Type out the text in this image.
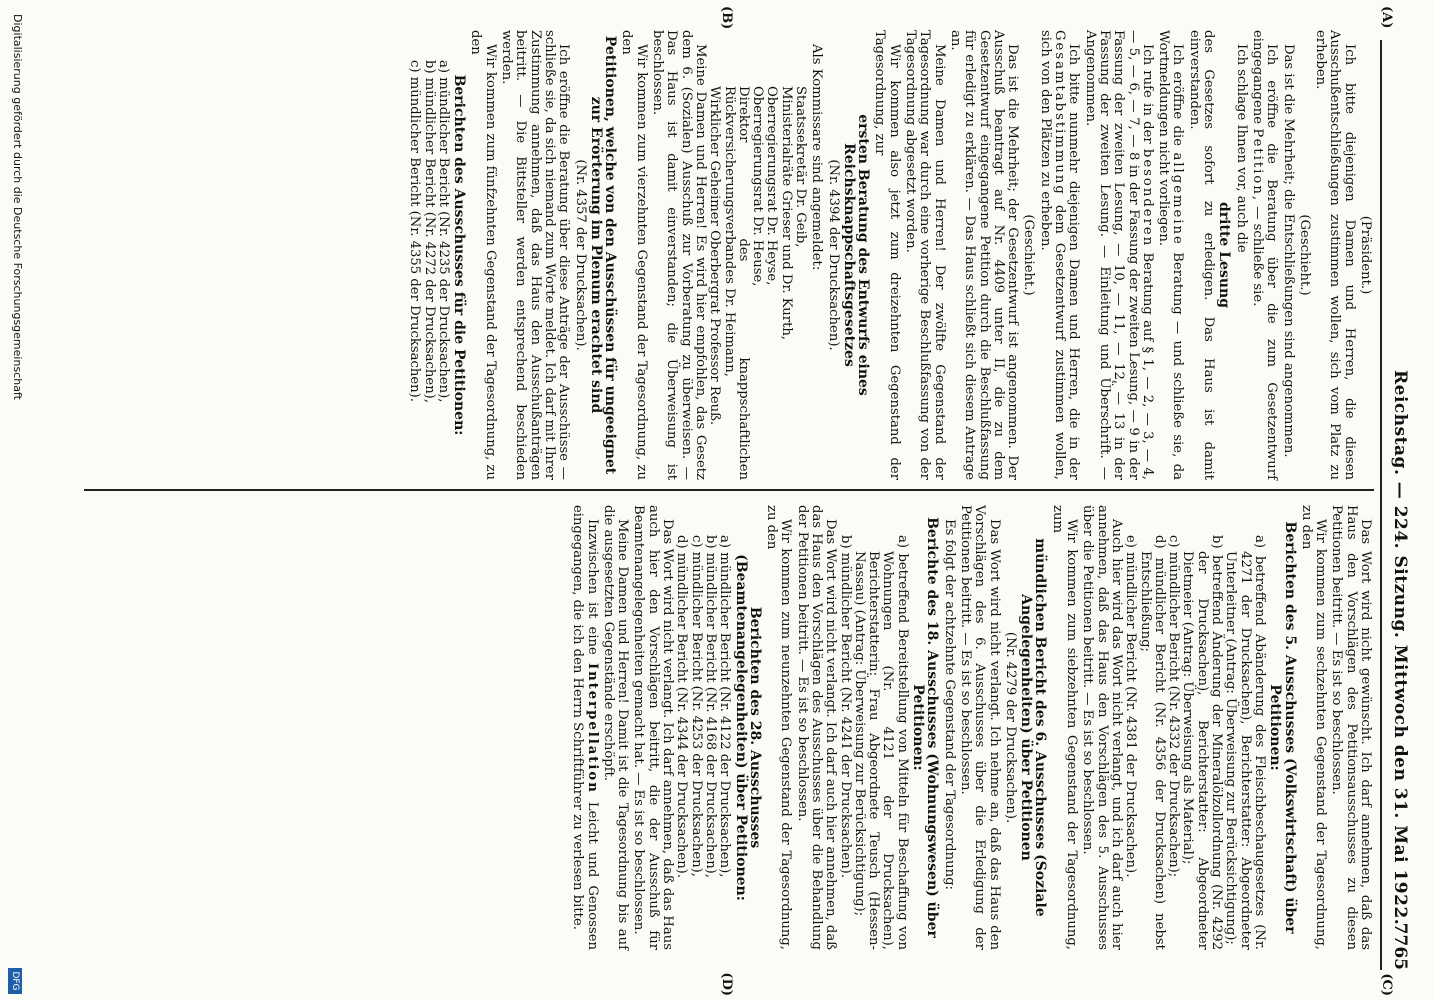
Reichstag. — 224. Sitzung. Mittwoch den 31. Mai 1922.
7765
(A)
(B)
(C)
(D)

(Präsident.)

Ich bitte diejenigen Damen und Herren, die diesen Ausschußentschließungen zustimmen wollen, sich vom Platz zu erheben.

(Geschieht.)

Das ist die Mehrheit; die Entschließungen sind angenommen.

Ich eröffne die Beratung über die zum Gesetzentwurf eingegangene Petition, — schließe sie.

Ich schlage Ihnen vor, auch die

dritte Lesung

des Gesetzes sofort zu erledigen. Das Haus ist damit einverstanden.

Ich eröffne die allgemeine Beratung — und schließe sie, da Wortmeldungen nicht vorliegen.

Ich rufe in der besonderen Beratung auf § 1, — 2, — 3, — 4, — 5, — 6, — 7, — 8 in der Fassung der zweiten Lesung, — 9 in der Fassung der zweiten Lesung, — 10, — 11, — 12, — 13 in der Fassung der zweiten Lesung. — Einleitung und Überschrift. — Angenommen.

Ich bitte nunmehr diejenigen Damen und Herren, die in der Gesamtabstimmung dem Gesetzentwurf zustimmen wollen, sich von den Plätzen zu erheben.

(Geschieht.)

Das ist die Mehrheit; der Gesetzentwurf ist angenommen. Der Ausschuß beantragt auf Nr. 4409 unter II, die zu dem Gesetzentwurf eingegangene Petition durch die Beschlußfassung für erledigt zu erklären. — Das Haus schließt sich diesem Antrage an.

Meine Damen und Herren! Der zwölfte Gegenstand der Tagesordnung war durch eine vorherige Beschlußfassung von der Tagesordnung abgesetzt worden.

Wir kommen also jetzt zum dreizehnten Gegenstand der Tagesordnung, zur

ersten Beratung des Entwurfs eines Reichsknappschaftsgesetzes

(Nr. 4394 der Drucksachen).

Als Kommissare sind angemeldet:

Staatssekretär Dr. Geib,

Ministerialräte Grieser und Dr. Kurth,

Oberregierungsrat Dr. Heyse,

Oberregierungsrat Dr. Heuse,

Direktor des knappschaftlichen Rückversicherungsverbandes Dr. Heimann,

Wirklicher Geheimer Oberbergrat Professor Reuß.

Meine Damen und Herren! Es wird hier empfohlen, das Gesetz dem 6. (Sozialen) Ausschuß zur Vorberatung zu überweisen. — Das Haus ist damit einverstanden; die Überweisung ist beschlossen.

Wir kommen zum vierzehnten Gegenstand der Tagesordnung, zu den

Petitionen, welche von den Ausschüssen für ungeeignet zur Erörterung im Plenum erachtet sind

(Nr. 4357 der Drucksachen).

Ich eröffne die Beratung über diese Anträge der Ausschüsse — schließe sie, da sich niemand zum Worte meldet. Ich darf mit Ihrer Zustimmung annehmen, daß das Haus den Ausschußanträgen beitritt. — Die Bittsteller werden entsprechend beschieden werden.

Wir kommen zum fünfzehnten Gegenstand der Tagesordnung, zu den

Berichten des Ausschusses für die Petitionen:

a) mündlicher Bericht (Nr. 4235 der Drucksachen),

b) mündlicher Bericht (Nr. 4272 der Drucksachen),

c) mündlicher Bericht (Nr. 4355 der Drucksachen).

Das Wort wird nicht gewünscht. Ich darf annehmen, daß das Haus den Vorschlägen des Petitionsausschusses zu diesen Petitionen beitritt. — Es ist so beschlossen.

Wir kommen zum sechzehnten Gegenstand der Tagesordnung, zu den

Berichten des 5. Ausschusses (Volkswirtschaft) über Petitionen:

a) betreffend Abänderung des Fleischbeschaugesetzes (Nr. 4271 der Drucksachen), Berichterstatter: Abgeordneter Unterleitner (Antrag: Überweisung zur Berücksichtigung);

b) betreffend Änderung der Mineralölzollordnung (Nr. 4292 der Drucksachen), Berichterstatter: Abgeordneter Dietmeier (Antrag: Überweisung als Material);

c) mündlicher Bericht (Nr. 4332 der Drucksachen);

d) mündlicher Bericht (Nr. 4356 der Drucksachen) nebst Entschließung;

e) mündlicher Bericht (Nr. 4381 der Drucksachen).

Auch hier wird das Wort nicht verlangt, und ich darf auch hier annehmen, daß das Haus den Vorschlägen des 5. Ausschusses über die Petitionen beitritt. — Es ist so beschlossen.

Wir kommen zum siebzehnten Gegenstand der Tagesordnung, zum

mündlichen Bericht des 6. Ausschusses (Soziale Angelegenheiten) über Petitionen

(Nr. 4279 der Drucksachen).

Das Wort wird nicht verlangt. Ich nehme an, daß das Haus den Vorschlägen des 6. Ausschusses über die Erledigung der Petitionen beitritt. — Es ist so beschlossen.

Es folgt der achtzehnte Gegenstand der Tagesordnung:

Berichte des 18. Ausschusses (Wohnungswesen) über Petitionen:

a) betreffend Bereitstellung von Mitteln für Beschaffung von Wohnungen (Nr. 4121 der Drucksachen), Berichterstatterin: Frau Abgeordnete Teusch (Hessen-Nassau) (Antrag: Überweisung zur Berücksichtigung);

b) mündlicher Bericht (Nr. 4241 der Drucksachen).

Das Wort wird nicht verlangt. Ich darf auch hier annehmen, daß das Haus den Vorschlägen des Ausschusses über die Behandlung der Petitionen beitritt. — Es ist so beschlossen.

Wir kommen zum neunzehnten Gegenstand der Tagesordnung, zu den

Berichten des 28. Ausschusses (Beamtenangelegenheiten) über Petitionen:

a) mündlicher Bericht (Nr. 4122 der Drucksachen),

b) mündlicher Bericht (Nr. 4168 der Drucksachen),

c) mündlicher Bericht (Nr. 4253 der Drucksachen),

d) mündlicher Bericht (Nr. 4344 der Drucksachen).

Das Wort wird nicht verlangt. Ich darf annehmen, daß das Haus auch hier den Vorschlägen beitritt, die der Ausschuß für Beamtenangelegenheiten gemacht hat. — Es ist so beschlossen.

Meine Damen und Herren! Damit ist die Tagesordnung bis auf die ausgesetzten Gegenstände erschöpft.

Inzwischen ist eine Interpellation Leicht und Genossen eingegangen, die ich den Herrn Schriftführer zu verlesen bitte.

Digitalisierung gefördert durch die Deutsche Forschungsgemeinschaft
DFG
